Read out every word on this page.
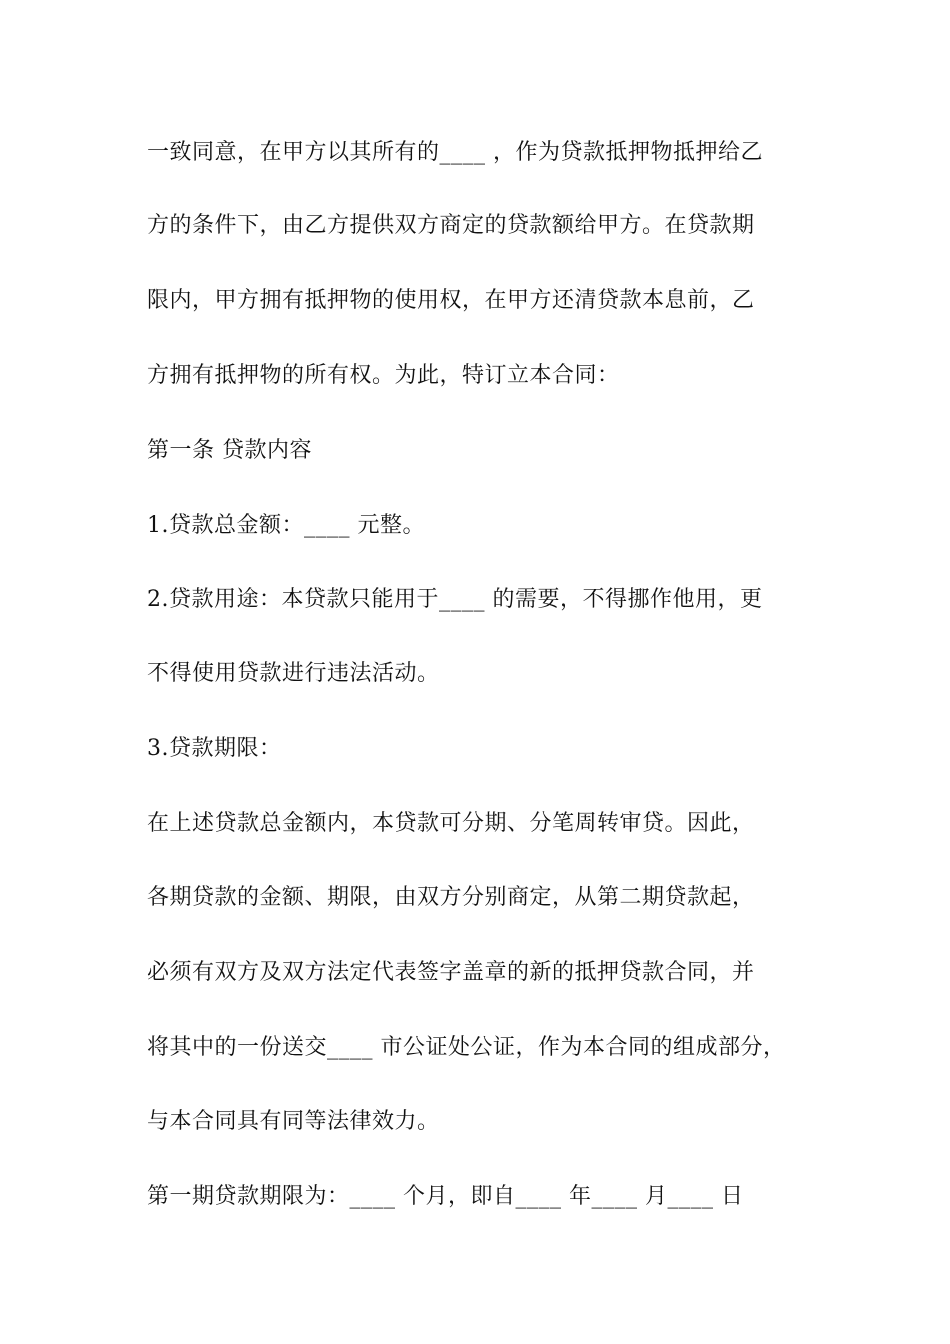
一致同意，在甲方以其所有的____ ，作为贷款抵押物抵押给乙
方的条件下，由乙方提供双方商定的贷款额给甲方。在贷款期
限内，甲方拥有抵押物的使用权，在甲方还清贷款本息前，乙
方拥有抵押物的所有权。为此，特订立本合同：
第一条 贷款内容
1.贷款总金额：____ 元整。
2.贷款用途：本贷款只能用于____ 的需要，不得挪作他用，更
不得使用贷款进行违法活动。
3.贷款期限：
在上述贷款总金额内，本贷款可分期、分笔周转审贷。因此，
各期贷款的金额、期限，由双方分别商定，从第二期贷款起，
必须有双方及双方法定代表签字盖章的新的抵押贷款合同，并
将其中的一份送交____ 市公证处公证，作为本合同的组成部分，
与本合同具有同等法律效力。
第一期贷款期限为：____ 个月，即自____ 年____ 月____ 日
